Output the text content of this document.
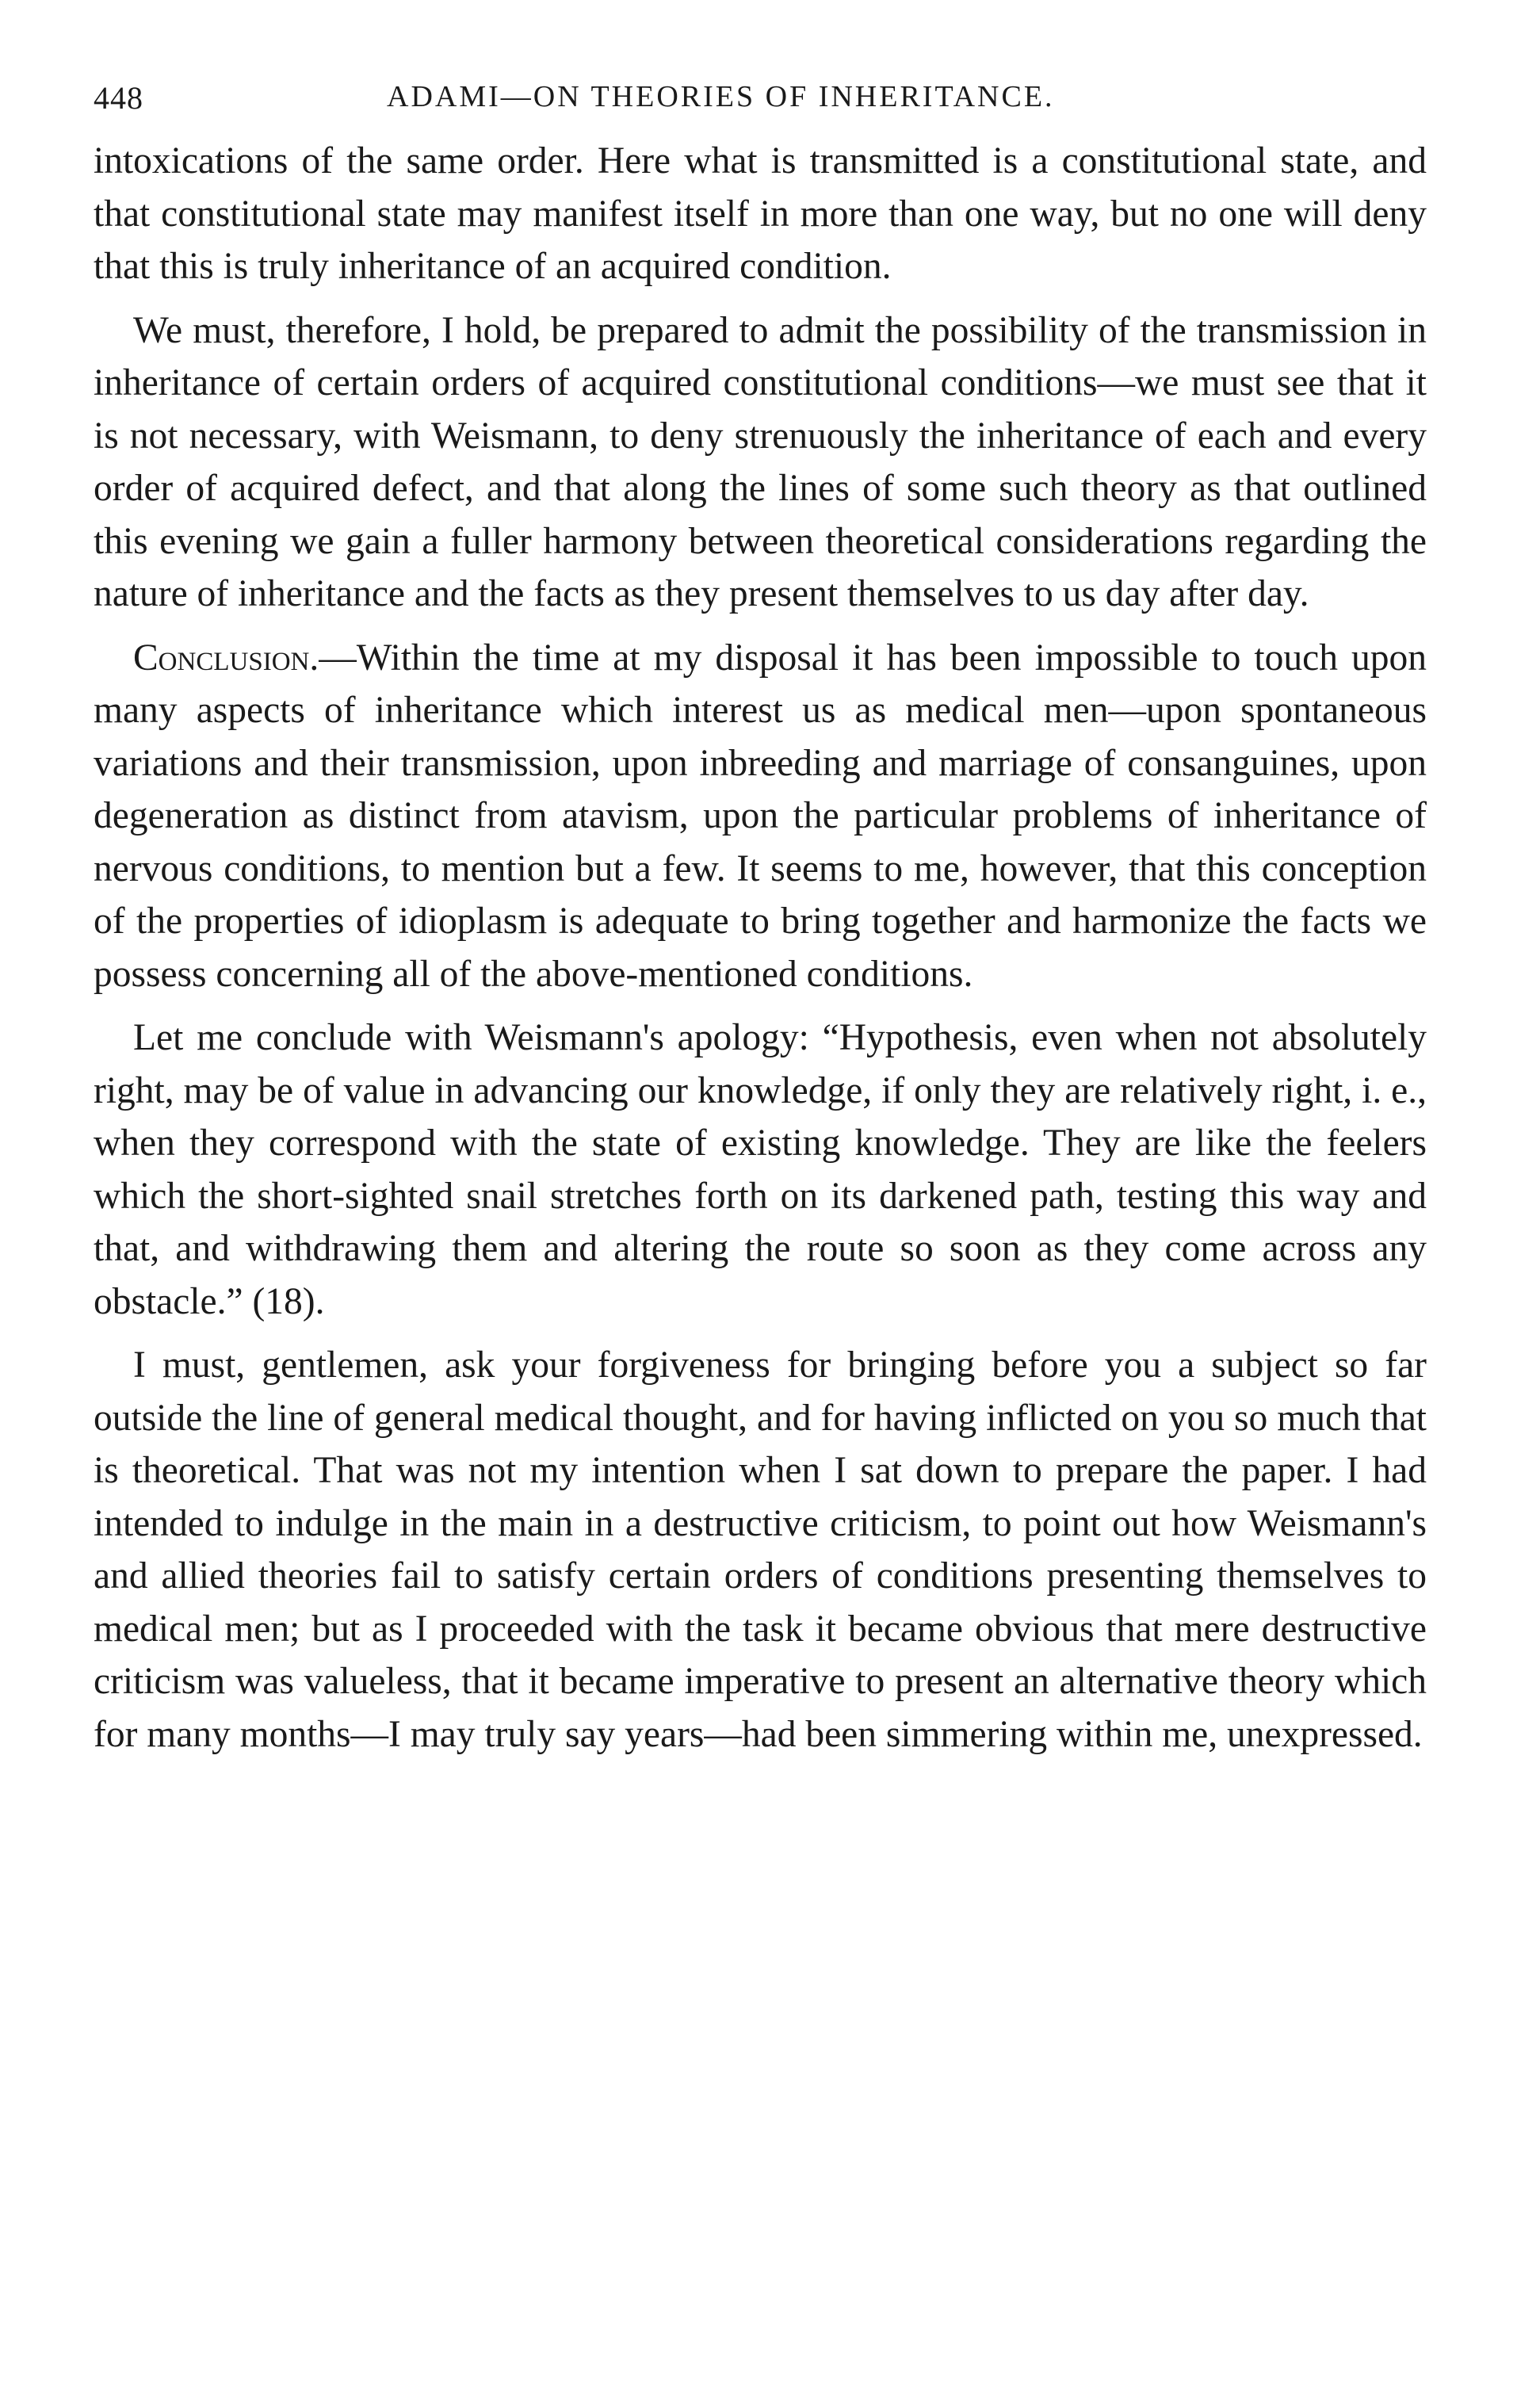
448	ADAMI—ON THEORIES OF INHERITANCE.

intoxications of the same order. Here what is transmitted is a constitutional state, and that constitutional state may manifest itself in more than one way, but no one will deny that this is truly inheritance of an acquired condition.

We must, therefore, I hold, be prepared to admit the possibility of the transmission in inheritance of certain orders of acquired constitutional conditions—we must see that it is not necessary, with Weismann, to deny strenuously the inheritance of each and every order of acquired defect, and that along the lines of some such theory as that outlined this evening we gain a fuller harmony between theoretical considerations regarding the nature of inheritance and the facts as they present themselves to us day after day.

Conclusion.—Within the time at my disposal it has been impossible to touch upon many aspects of inheritance which interest us as medical men—upon spontaneous variations and their transmission, upon inbreeding and marriage of consanguines, upon degeneration as distinct from atavism, upon the particular problems of inheritance of nervous conditions, to mention but a few. It seems to me, however, that this conception of the properties of idioplasm is adequate to bring together and harmonize the facts we possess concerning all of the above-mentioned conditions.

Let me conclude with Weismann's apology: “Hypothesis, even when not absolutely right, may be of value in advancing our knowledge, if only they are relatively right, i. e., when they correspond with the state of existing knowledge. They are like the feelers which the short-sighted snail stretches forth on its darkened path, testing this way and that, and withdrawing them and altering the route so soon as they come across any obstacle.” (18).

I must, gentlemen, ask your forgiveness for bringing before you a subject so far outside the line of general medical thought, and for having inflicted on you so much that is theoretical. That was not my intention when I sat down to prepare the paper. I had intended to indulge in the main in a destructive criticism, to point out how Weismann's and allied theories fail to satisfy certain orders of conditions presenting themselves to medical men; but as I proceeded with the task it became obvious that mere destructive criticism was valueless, that it became imperative to present an alternative theory which for many months—I may truly say years—had been simmering within me, unexpressed.
